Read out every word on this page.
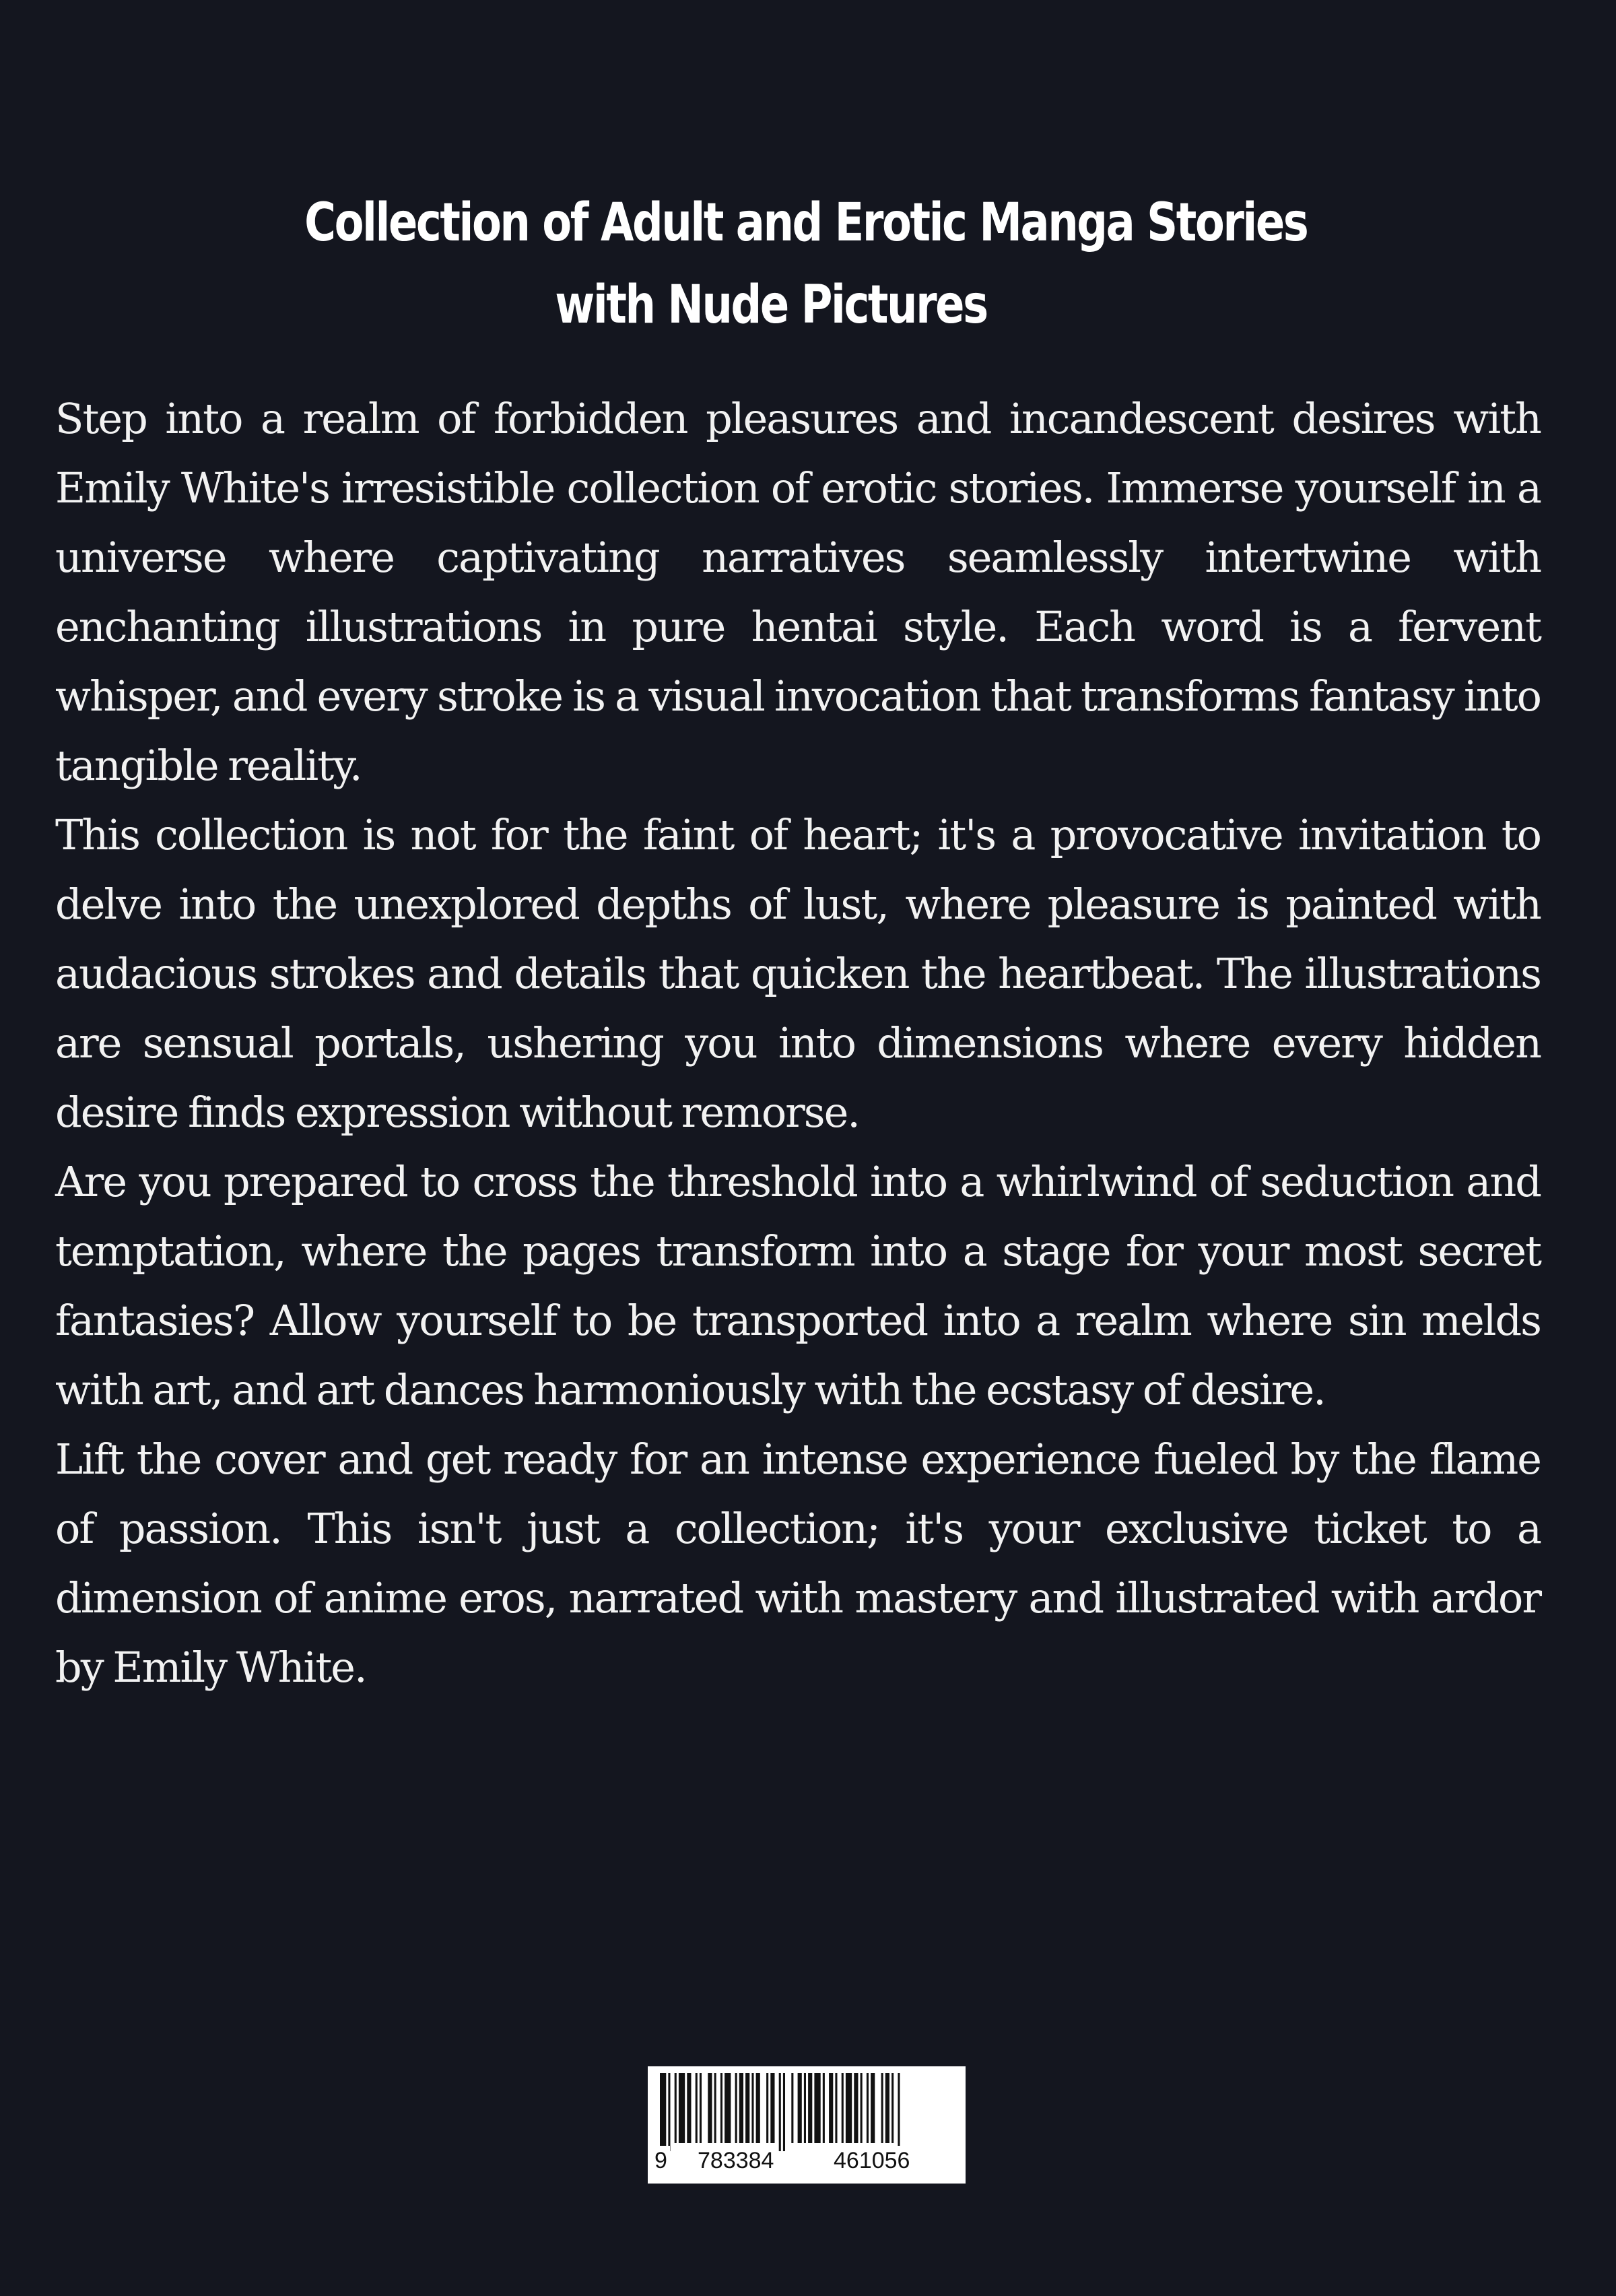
Collection of Adult and Erotic Manga Stories
with Nude Pictures

Step into a realm of forbidden pleasures and incandescent desires with Emily White's irresistible collection of erotic stories. Immerse yourself in a universe where captivating narratives seamlessly intertwine with enchanting illustrations in pure hentai style. Each word is a fervent whisper, and every stroke is a visual invocation that transforms fantasy into tangible reality.

This collection is not for the faint of heart; it's a provocative invitation to delve into the unexplored depths of lust, where pleasure is painted with audacious strokes and details that quicken the heartbeat. The illustrations are sensual portals, ushering you into dimensions where every hidden desire finds expression without remorse.

Are you prepared to cross the threshold into a whirlwind of seduction and temptation, where the pages transform into a stage for your most secret fantasies? Allow yourself to be transported into a realm where sin melds with art, and art dances harmoniously with the ecstasy of desire.

Lift the cover and get ready for an intense experience fueled by the flame of passion. This isn't just a collection; it's your exclusive ticket to a dimension of anime eros, narrated with mastery and illustrated with ardor by Emily White.

9 783384	461056
